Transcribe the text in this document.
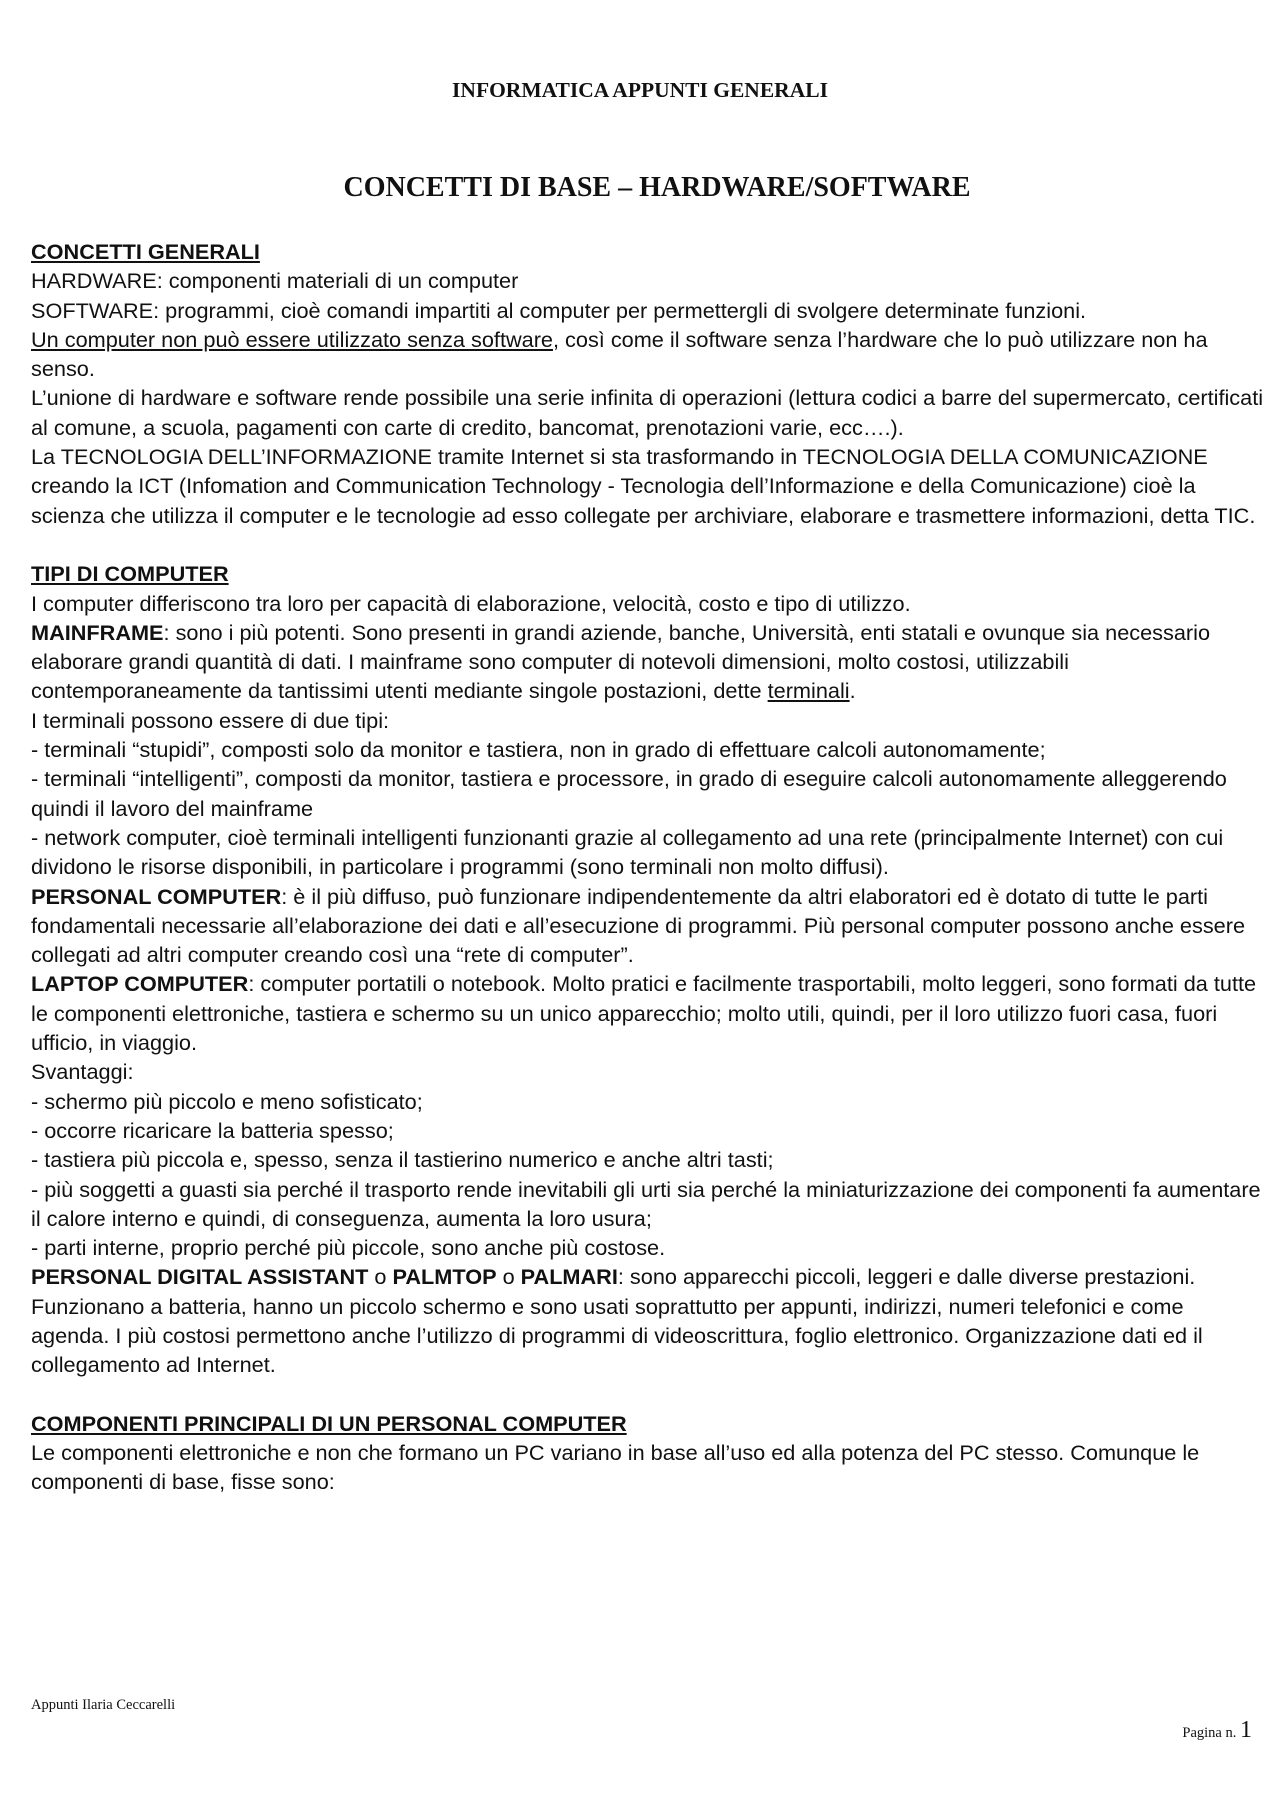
INFORMATICA APPUNTI GENERALI
CONCETTI DI BASE – HARDWARE/SOFTWARE
CONCETTI GENERALI

HARDWARE: componenti materiali di un computer

SOFTWARE: programmi, cioè comandi impartiti al computer per permettergli di svolgere determinate funzioni.

Un computer non può essere utilizzato senza software, così come il software senza l’hardware che lo può utilizzare non ha senso.

L’unione di hardware e software rende possibile una serie infinita di operazioni (lettura codici a barre del supermercato, certificati al comune, a scuola, pagamenti con carte di credito, bancomat, prenotazioni varie, ecc….).

La TECNOLOGIA DELL’INFORMAZIONE tramite Internet si sta trasformando in TECNOLOGIA DELLA COMUNICAZIONE creando la ICT (Infomation and Communication Technology - Tecnologia dell’Informazione e della Comunicazione) cioè la scienza che utilizza il computer e le tecnologie ad esso collegate per archiviare, elaborare e trasmettere informazioni, detta TIC.

TIPI DI COMPUTER

I computer differiscono tra loro per capacità di elaborazione, velocità, costo e tipo di utilizzo.

MAINFRAME: sono i più potenti. Sono presenti in grandi aziende, banche, Università, enti statali e ovunque sia necessario elaborare grandi quantità di dati. I mainframe sono computer di notevoli dimensioni, molto costosi, utilizzabili contemporaneamente da tantissimi utenti mediante singole postazioni, dette terminali.

I terminali possono essere di due tipi:

- terminali “stupidi”, composti solo da monitor e tastiera, non in grado di effettuare calcoli autonomamente;

- terminali “intelligenti”, composti da monitor, tastiera e processore, in grado di eseguire calcoli autonomamente alleggerendo quindi il lavoro del mainframe

- network computer, cioè terminali intelligenti funzionanti grazie al collegamento ad una rete (principalmente Internet) con cui dividono le risorse disponibili, in particolare i programmi (sono terminali non molto diffusi).

PERSONAL COMPUTER: è il più diffuso, può funzionare indipendentemente da altri elaboratori ed è dotato di tutte le parti fondamentali necessarie all’elaborazione dei dati e all’esecuzione di programmi. Più personal computer possono anche essere collegati ad altri computer creando così una “rete di computer”.

LAPTOP COMPUTER: computer portatili o notebook. Molto pratici e facilmente trasportabili, molto leggeri, sono formati da tutte le componenti elettroniche, tastiera e schermo su un unico apparecchio; molto utili, quindi, per il loro utilizzo fuori casa, fuori ufficio, in viaggio.

Svantaggi:

- schermo più piccolo e meno sofisticato;

- occorre ricaricare la batteria spesso;

- tastiera più piccola e, spesso, senza il tastierino numerico e anche altri tasti;

- più soggetti a guasti sia perché il trasporto rende inevitabili gli urti sia perché la miniaturizzazione dei componenti fa aumentare il calore interno e quindi, di conseguenza, aumenta la loro usura;

- parti interne, proprio perché più piccole, sono anche più costose.

PERSONAL DIGITAL ASSISTANT o PALMTOP o PALMARI: sono apparecchi piccoli, leggeri e dalle diverse prestazioni. Funzionano a batteria, hanno un piccolo schermo e sono usati soprattutto per appunti, indirizzi, numeri telefonici e come agenda. I più costosi permettono anche l’utilizzo di programmi di videoscrittura, foglio elettronico. Organizzazione dati ed il collegamento ad Internet.

COMPONENTI PRINCIPALI DI UN PERSONAL COMPUTER

Le componenti elettroniche e non che formano un PC variano in base all’uso ed alla potenza del PC stesso. Comunque le componenti di base, fisse sono:

Appunti Ilaria Ceccarelli
Pagina n. 1
